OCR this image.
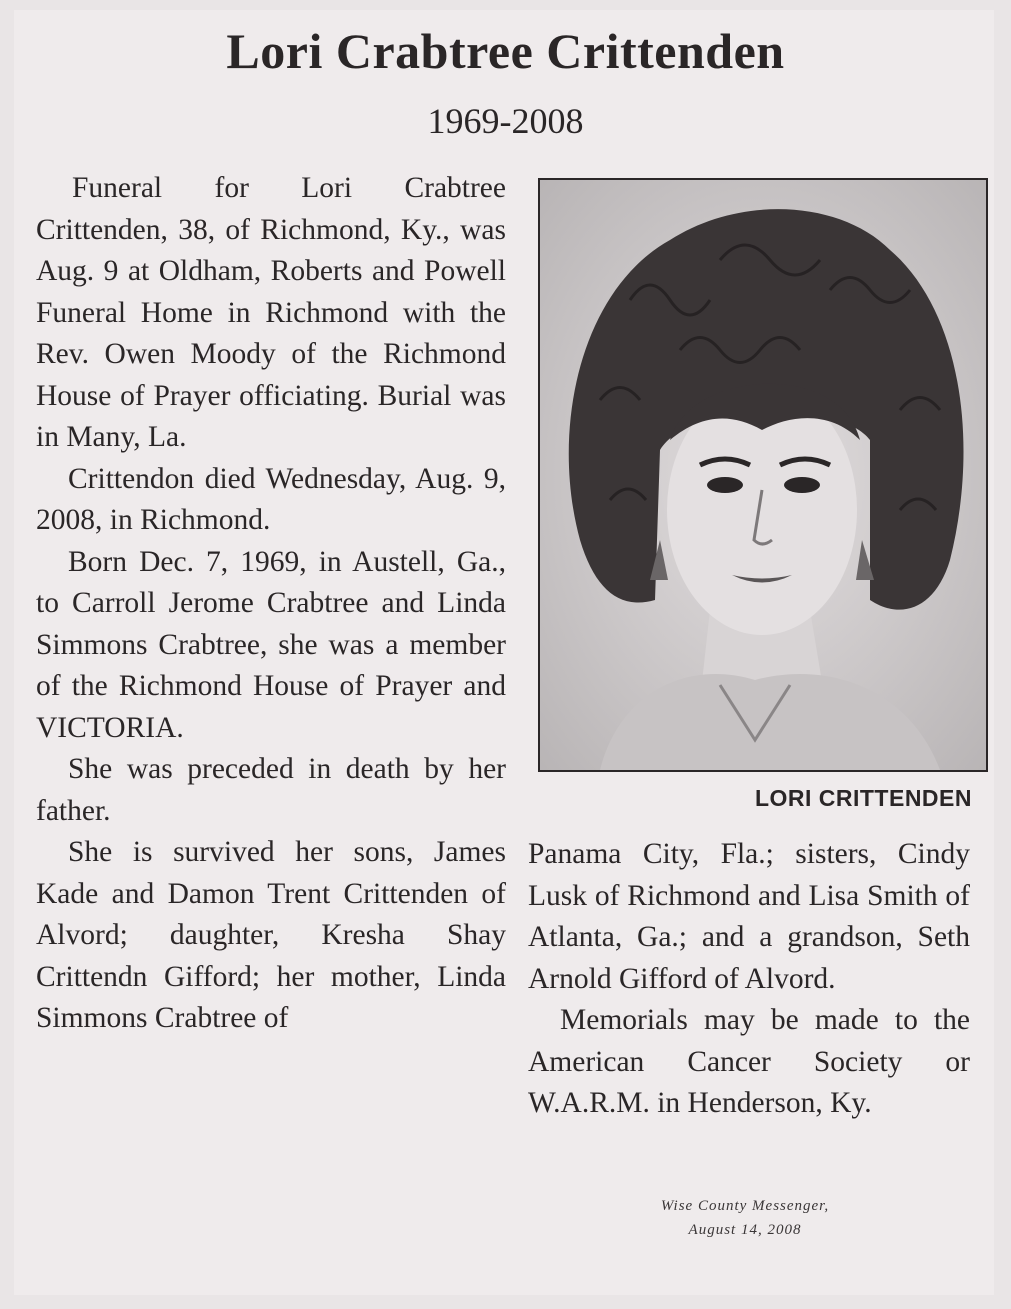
Lori Crabtree Crittenden
1969-2008

Funeral for Lori Crabtree Crittenden, 38, of Richmond, Ky., was Aug. 9 at Oldham, Roberts and Powell Funeral Home in Richmond with the Rev. Owen Moody of the Richmond House of Prayer officiating. Burial was in Many, La.

Crittendon died Wednesday, Aug. 9, 2008, in Richmond.

Born Dec. 7, 1969, in Austell, Ga., to Carroll Jerome Crabtree and Linda Simmons Crabtree, she was a member of the Richmond House of Prayer and VICTORIA.

She was preceded in death by her father.

She is survived her sons, James Kade and Damon Trent Crittenden of Alvord; daughter, Kresha Shay Crittendn Gifford; her mother, Linda Simmons Crabtree of

LORI CRITTENDEN

Panama City, Fla.; sisters, Cindy Lusk of Richmond and Lisa Smith of Atlanta, Ga.; and a grandson, Seth Arnold Gifford of Alvord.

Memorials may be made to the American Cancer Society or W.A.R.M. in Henderson, Ky.

Wise County Messenger,
August 14, 2008
